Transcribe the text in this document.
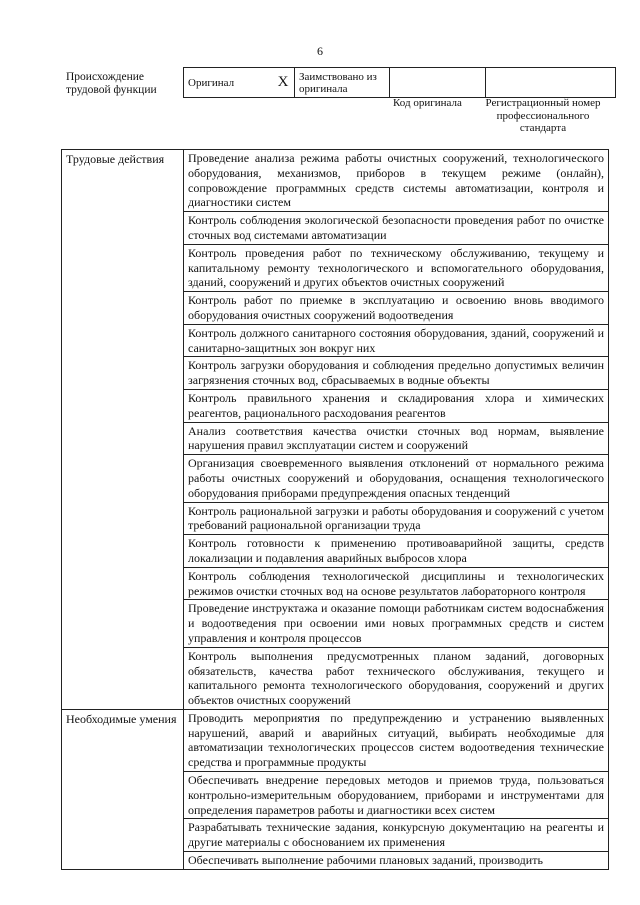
6
Происхождение трудовой функции
Оригинал	X	Заимствовано из оригинала		
Код оригинала	Регистрационный номер профессионального стандарта
Трудовые действия	Проведение анализа режима работы очистных сооружений, технологического оборудования, механизмов, приборов в текущем режиме (онлайн), сопровождение программных средств системы автоматизации, контроля и диагностики систем
	Контроль соблюдения экологической безопасности проведения работ по очистке сточных вод системами автоматизации
	Контроль проведения работ по техническому обслуживанию, текущему и капитальному ремонту технологического и вспомогательного оборудования, зданий, сооружений и других объектов очистных сооружений
	Контроль работ по приемке в эксплуатацию и освоению вновь вводимого оборудования очистных сооружений водоотведения
	Контроль должного санитарного состояния оборудования, зданий, сооружений и санитарно-защитных зон вокруг них
	Контроль загрузки оборудования и соблюдения предельно допустимых величин загрязнения сточных вод, сбрасываемых в водные объекты
	Контроль правильного хранения и складирования хлора и химических реагентов, рационального расходования реагентов
	Анализ соответствия качества очистки сточных вод нормам, выявление нарушения правил эксплуатации систем и сооружений
	Организация своевременного выявления отклонений от нормального режима работы очистных сооружений и оборудования, оснащения технологического оборудования приборами предупреждения опасных тенденций
	Контроль рациональной загрузки и работы оборудования и сооружений с учетом требований рациональной организации труда
	Контроль готовности к применению противоаварийной защиты, средств локализации и подавления аварийных выбросов хлора
	Контроль соблюдения технологической дисциплины и технологических режимов очистки сточных вод на основе результатов лабораторного контроля
	Проведение инструктажа и оказание помощи работникам систем водоснабжения и водоотведения при освоении ими новых программных средств и систем управления и контроля процессов
	Контроль выполнения предусмотренных планом заданий, договорных обязательств, качества работ технического обслуживания, текущего и капитального ремонта технологического оборудования, сооружений и других объектов очистных сооружений
Необходимые умения	Проводить мероприятия по предупреждению и устранению выявленных нарушений, аварий и аварийных ситуаций, выбирать необходимые для автоматизации технологических процессов систем водоотведения технические средства и программные продукты
	Обеспечивать внедрение передовых методов и приемов труда, пользоваться контрольно-измерительным оборудованием, приборами и инструментами для определения параметров работы и диагностики всех систем
	Разрабатывать технические задания, конкурсную документацию на реагенты и другие материалы с обоснованием их применения
	Обеспечивать выполнение рабочими плановых заданий, производить
